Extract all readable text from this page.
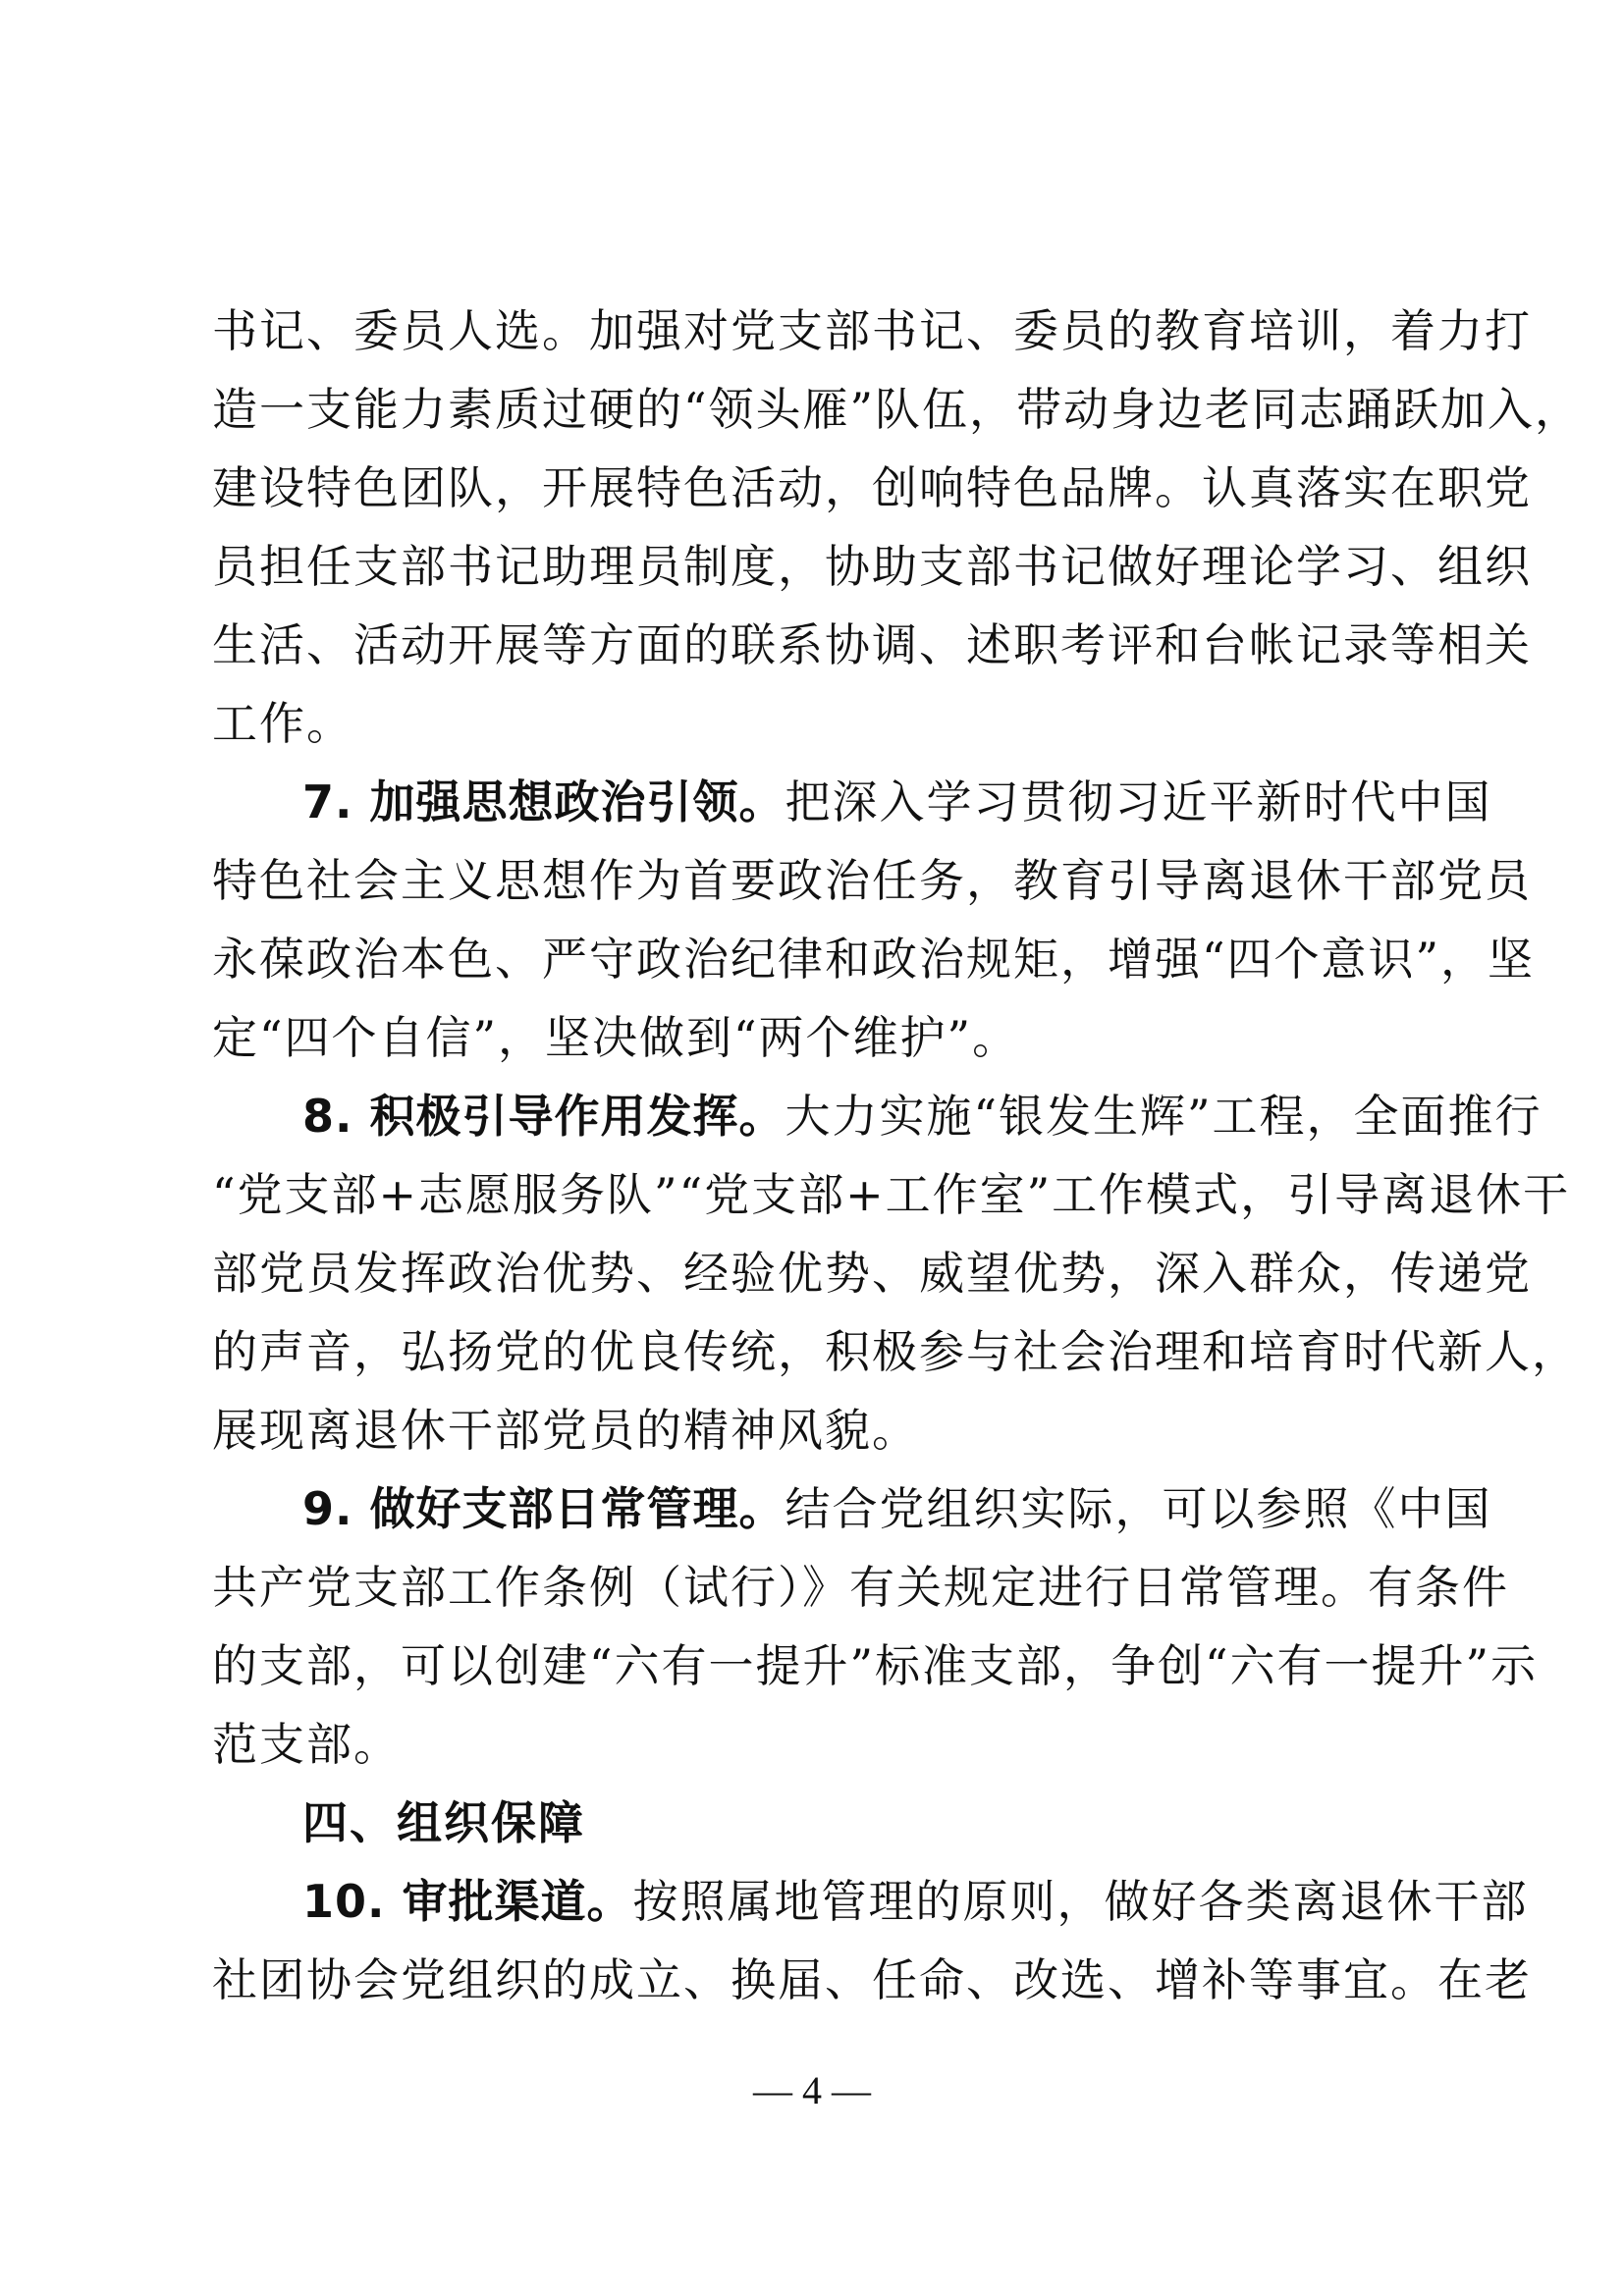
书记、委员人选。加强对党支部书记、委员的教育培训，着力打
造一支能力素质过硬的“领头雁”队伍，带动身边老同志踊跃加入，
建设特色团队，开展特色活动，创响特色品牌。认真落实在职党
员担任支部书记助理员制度，协助支部书记做好理论学习、组织
生活、活动开展等方面的联系协调、述职考评和台帐记录等相关
工作。
7. 加强思想政治引领。把深入学习贯彻习近平新时代中国
特色社会主义思想作为首要政治任务，教育引导离退休干部党员
永葆政治本色、严守政治纪律和政治规矩，增强“四个意识”，坚
定“四个自信”，坚决做到“两个维护”。
8. 积极引导作用发挥。大力实施“银发生辉”工程，全面推行
“党支部+志愿服务队”“党支部+工作室”工作模式，引导离退休干
部党员发挥政治优势、经验优势、威望优势，深入群众，传递党
的声音，弘扬党的优良传统，积极参与社会治理和培育时代新人，
展现离退休干部党员的精神风貌。
9. 做好支部日常管理。结合党组织实际，可以参照《中国
共产党支部工作条例（试行）》有关规定进行日常管理。有条件
的支部，可以创建“六有一提升”标准支部，争创“六有一提升”示
范支部。
四、组织保障
10. 审批渠道。按照属地管理的原则，做好各类离退休干部
社团协会党组织的成立、换届、任命、改选、增补等事宜。在老
— 4 —
